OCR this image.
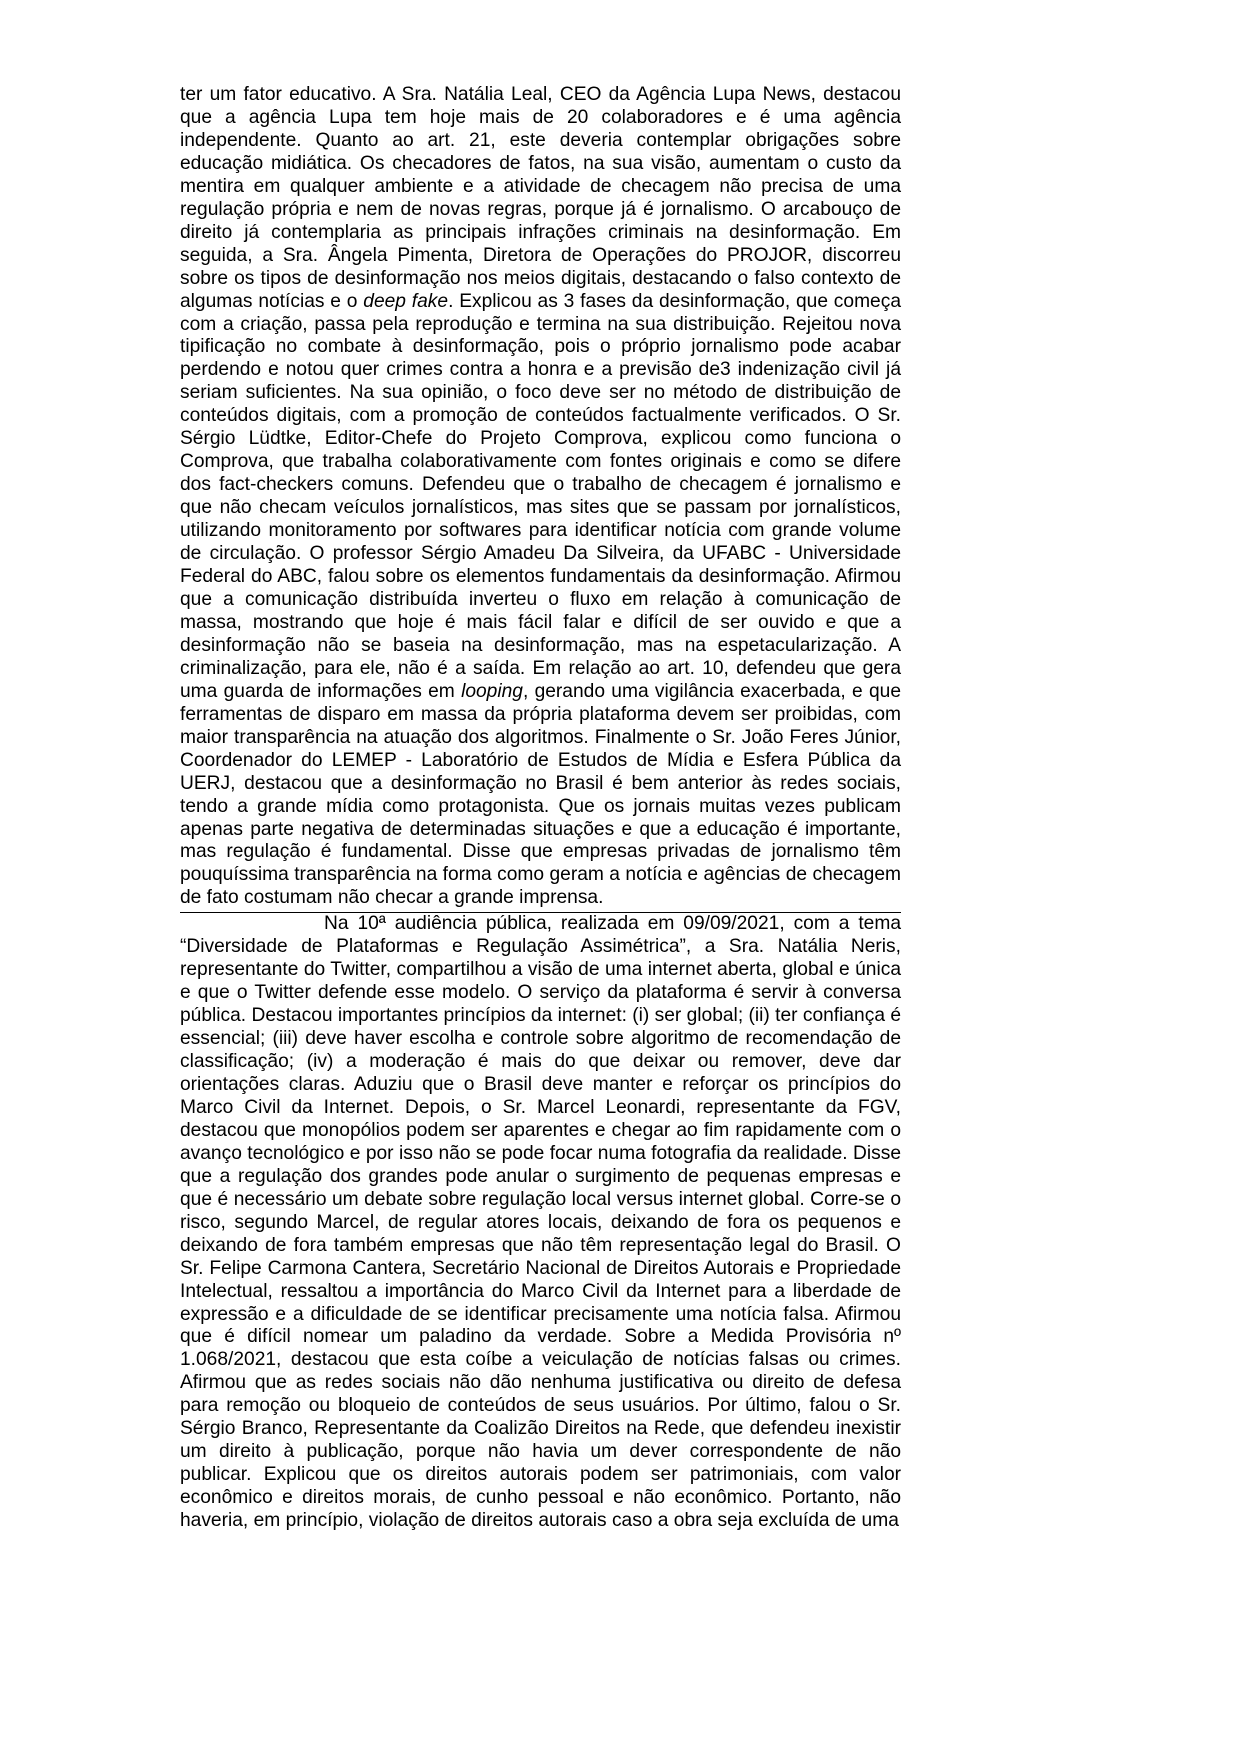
ter um fator educativo. A Sra. Natália Leal, CEO da Agência Lupa News, destacou que a agência Lupa tem hoje mais de 20 colaboradores e é uma agência independente. Quanto ao art. 21, este deveria contemplar obrigações sobre educação midiática. Os checadores de fatos, na sua visão, aumentam o custo da mentira em qualquer ambiente e a atividade de checagem não precisa de uma regulação própria e nem de novas regras, porque já é jornalismo. O arcabouço de direito já contemplaria as principais infrações criminais na desinformação. Em seguida, a Sra. Ângela Pimenta, Diretora de Operações do PROJOR, discorreu sobre os tipos de desinformação nos meios digitais, destacando o falso contexto de algumas notícias e o deep fake. Explicou as 3 fases da desinformação, que começa com a criação, passa pela reprodução e termina na sua distribuição. Rejeitou nova tipificação no combate à desinformação, pois o próprio jornalismo pode acabar perdendo e notou quer crimes contra a honra e a previsão de3 indenização civil já seriam suficientes. Na sua opinião, o foco deve ser no método de distribuição de conteúdos digitais, com a promoção de conteúdos factualmente verificados. O Sr. Sérgio Lüdtke, Editor-Chefe do Projeto Comprova, explicou como funciona o Comprova, que trabalha colaborativamente com fontes originais e como se difere dos fact-checkers comuns. Defendeu que o trabalho de checagem é jornalismo e que não checam veículos jornalísticos, mas sites que se passam por jornalísticos, utilizando monitoramento por softwares para identificar notícia com grande volume de circulação. O professor Sérgio Amadeu Da Silveira, da UFABC - Universidade Federal do ABC, falou sobre os elementos fundamentais da desinformação. Afirmou que a comunicação distribuída inverteu o fluxo em relação à comunicação de massa, mostrando que hoje é mais fácil falar e difícil de ser ouvido e que a desinformação não se baseia na desinformação, mas na espetacularização. A criminalização, para ele, não é a saída. Em relação ao art. 10, defendeu que gera uma guarda de informações em looping, gerando uma vigilância exacerbada, e que ferramentas de disparo em massa da própria plataforma devem ser proibidas, com maior transparência na atuação dos algoritmos. Finalmente o Sr. João Feres Júnior, Coordenador do LEMEP - Laboratório de Estudos de Mídia e Esfera Pública da UERJ, destacou que a desinformação no Brasil é bem anterior às redes sociais, tendo a grande mídia como protagonista. Que os jornais muitas vezes publicam apenas parte negativa de determinadas situações e que a educação é importante, mas regulação é fundamental. Disse que empresas privadas de jornalismo têm pouquíssima transparência na forma como geram a notícia e agências de checagem de fato costumam não checar a grande imprensa.

Na 10ª audiência pública, realizada em 09/09/2021, com a tema “Diversidade de Plataformas e Regulação Assimétrica”, a Sra. Natália Neris, representante do Twitter, compartilhou a visão de uma internet aberta, global e única e que o Twitter defende esse modelo. O serviço da plataforma é servir à conversa pública. Destacou importantes princípios da internet: (i) ser global; (ii) ter confiança é essencial; (iii) deve haver escolha e controle sobre algoritmo de recomendação de classificação; (iv) a moderação é mais do que deixar ou remover, deve dar orientações claras. Aduziu que o Brasil deve manter e reforçar os princípios do Marco Civil da Internet. Depois, o Sr. Marcel Leonardi, representante da FGV, destacou que monopólios podem ser aparentes e chegar ao fim rapidamente com o avanço tecnológico e por isso não se pode focar numa fotografia da realidade. Disse que a regulação dos grandes pode anular o surgimento de pequenas empresas e que é necessário um debate sobre regulação local versus internet global. Corre-se o risco, segundo Marcel, de regular atores locais, deixando de fora os pequenos e deixando de fora também empresas que não têm representação legal do Brasil. O Sr. Felipe Carmona Cantera, Secretário Nacional de Direitos Autorais e Propriedade Intelectual, ressaltou a importância do Marco Civil da Internet para a liberdade de expressão e a dificuldade de se identificar precisamente uma notícia falsa. Afirmou que é difícil nomear um paladino da verdade. Sobre a Medida Provisória nº 1.068/2021, destacou que esta coíbe a veiculação de notícias falsas ou crimes. Afirmou que as redes sociais não dão nenhuma justificativa ou direito de defesa para remoção ou bloqueio de conteúdos de seus usuários. Por último, falou o Sr. Sérgio Branco, Representante da Coalizão Direitos na Rede, que defendeu inexistir um direito à publicação, porque não havia um dever correspondente de não publicar. Explicou que os direitos autorais podem ser patrimoniais, com valor econômico e direitos morais, de cunho pessoal e não econômico. Portanto, não haveria, em princípio, violação de direitos autorais caso a obra seja excluída de uma
